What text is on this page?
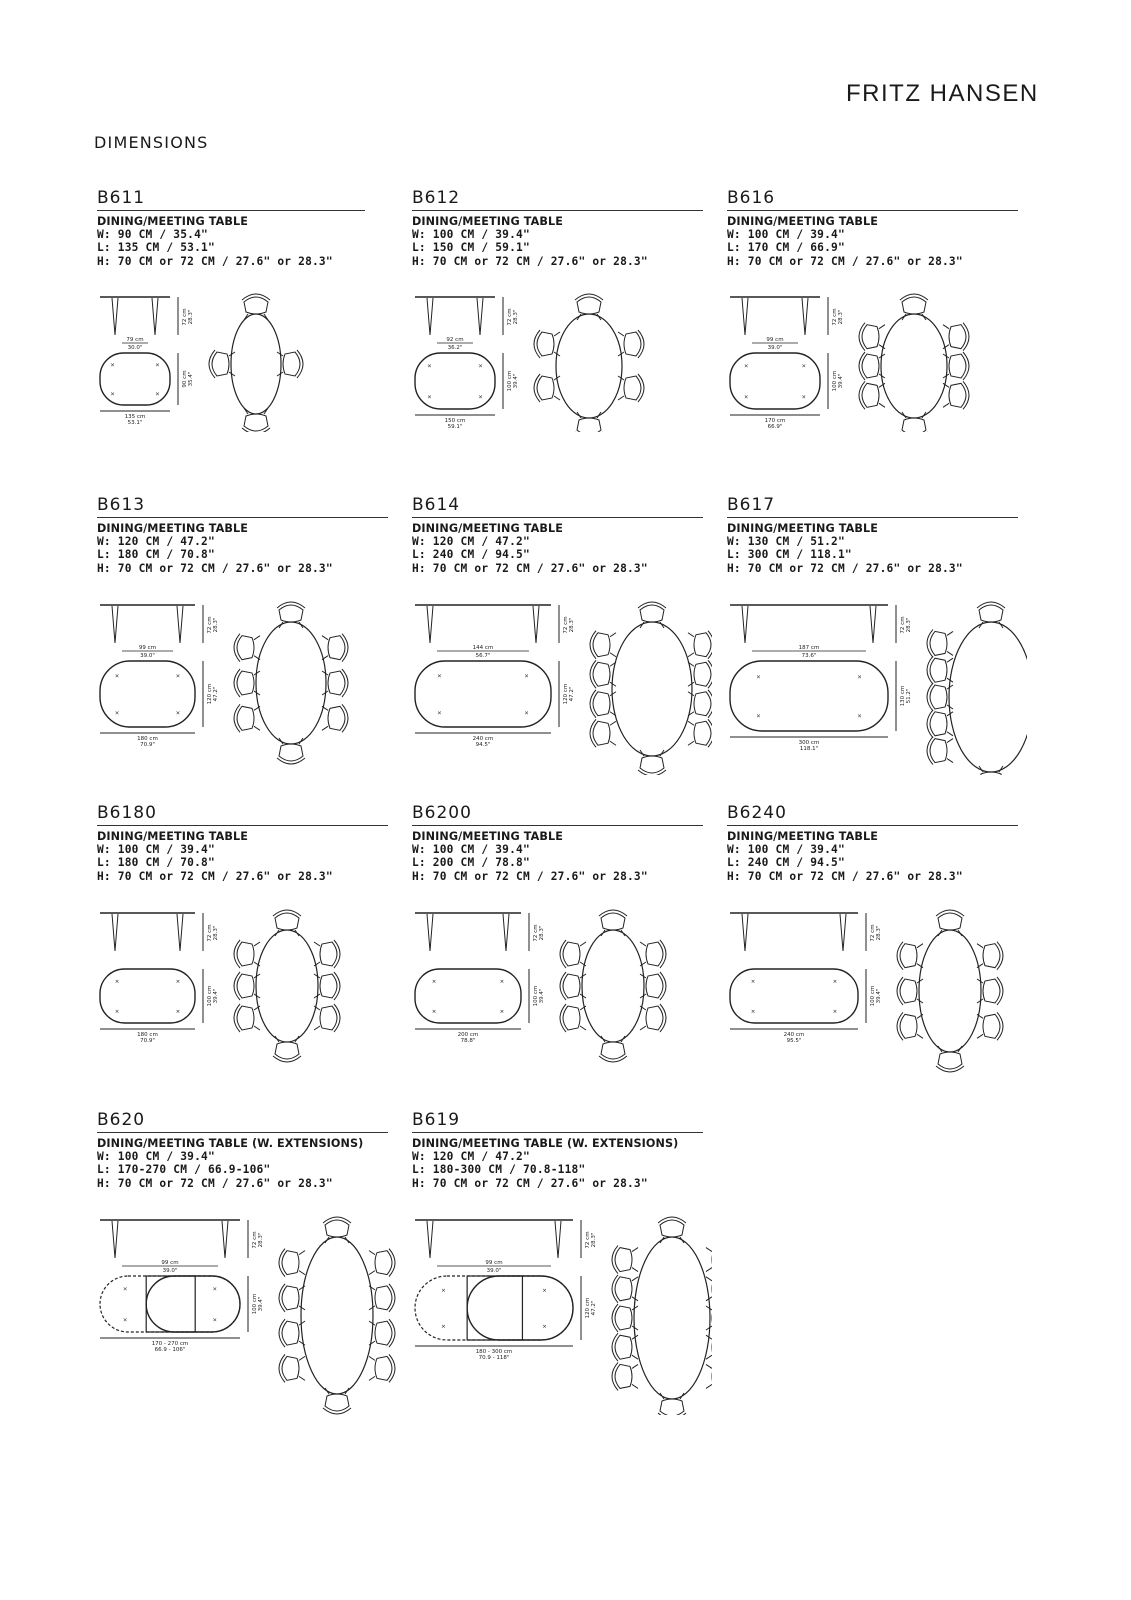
FRITZ HANSEN
DIMENSIONS
B611
DINING/MEETING TABLE
W: 90 CM / 35.4"
L: 135 CM / 53.1"
H: 70 CM or 72 CM / 27.6" or 28.3"
B612
DINING/MEETING TABLE
W: 100 CM / 39.4"
L: 150 CM / 59.1"
H: 70 CM or 72 CM / 27.6" or 28.3"
B616
DINING/MEETING TABLE
W: 100 CM / 39.4"
L: 170 CM / 66.9"
H: 70 CM or 72 CM / 27.6" or 28.3"
B613
DINING/MEETING TABLE
W: 120 CM / 47.2"
L: 180 CM / 70.8"
H: 70 CM or 72 CM / 27.6" or 28.3"
B614
DINING/MEETING TABLE
W: 120 CM / 47.2"
L: 240 CM / 94.5"
H: 70 CM or 72 CM / 27.6" or 28.3"
B617
DINING/MEETING TABLE
W: 130 CM / 51.2"
L: 300 CM / 118.1"
H: 70 CM or 72 CM / 27.6" or 28.3"
B6180
DINING/MEETING TABLE
W: 100 CM / 39.4"
L: 180 CM / 70.8"
H: 70 CM or 72 CM / 27.6" or 28.3"
B6200
DINING/MEETING TABLE
W: 100 CM / 39.4"
L: 200 CM / 78.8"
H: 70 CM or 72 CM / 27.6" or 28.3"
B6240
DINING/MEETING TABLE
W: 100 CM / 39.4"
L: 240 CM / 94.5"
H: 70 CM or 72 CM / 27.6" or 28.3"
B620
DINING/MEETING TABLE (W. EXTENSIONS)
W: 100 CM / 39.4"
L: 170-270 CM / 66.9-106"
H: 70 CM or 72 CM / 27.6" or 28.3"
B619
DINING/MEETING TABLE (W. EXTENSIONS)
W: 120 CM / 47.2"
L: 180-300 CM / 70.8-118"
H: 70 CM or 72 CM / 27.6" or 28.3"
72 cm 28.3"
79 cm
30.0"
×	×
×	×
90 cm 35.4"
135 cm
53.1"
72 cm 28.3"
92 cm
36.2"
×	×
×	×
100 cm 39.4"
150 cm
59.1"
72 cm 28.3"
99 cm
39.0"
×	×
×	×
100 cm 39.4"
170 cm
66.9"
72 cm 28.3"
99 cm
39.0"
×	×
×	×
120 cm 47.2"
180 cm
70.9"
72 cm 28.3"
144 cm
56.7"
×	×
×	×
120 cm 47.2"
240 cm
94.5"
72 cm 28.3"
187 cm
73.6"
×	×
×	×
130 cm 51.2"
300 cm
118.1"
72 cm 28.3"
×	×
×	×
100 cm 39.4"
180 cm
70.9"
72 cm 28.3"
×	×
×	×
100 cm 39.4"
200 cm
78.8"
72 cm 28.3"
×	×
×	×
100 cm 39.4"
240 cm
95.5"
72 cm 28.3"
99 cm
39.0"
×	×
×	×
100 cm 39.4"
170 - 270 cm
66.9 - 106"
72 cm 28.3"
99 cm
39.0"
×	×
×	×
120 cm 47.2"
180 - 300 cm
70.9 - 118"
